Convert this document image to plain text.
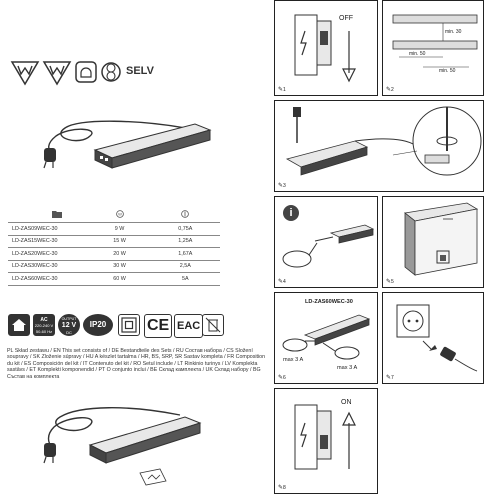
SELV

W

LD-ZAS09WEC-30	9 W	0,75A
LD-ZAS15WEC-30	15 W	1,25A
LD-ZAS20WEC-30	20 W	1,67A
LD-ZAS30WEC-30	30 W	2,5A
LD-ZAS60WEC-30	60 W	5A
AC
220-240 V
50-60 Hz
OUTPUT
12 V
DC
IP20	CE EAC
PL Skład zestawu / EN This set consists of / DE Bestandteile des Sets / RU Состав набора / CS Složení soupravy / SK Zloženie súpravy / HU A készlet tartalma / HR, BS, SRP, SR Sastav kompleta / FR Composition du kit / ES Composición del kit / IT Contenuto del kit / RO Setul include / LT Rinkinio turinys / LV Komplekta sastāvs / ET Komplekti komponendid / PT O conjunto inclui / BE Склад камплекта / UK Склад набору / BG Състав на комплекта
OFF
✎1
min. 30
min. 50
min. 50
✎2
✎3
i
✎4	✎5
LD-ZAS60WEC-30
max 3 A
max 3 A
✎6	✎7
ON
✎8
